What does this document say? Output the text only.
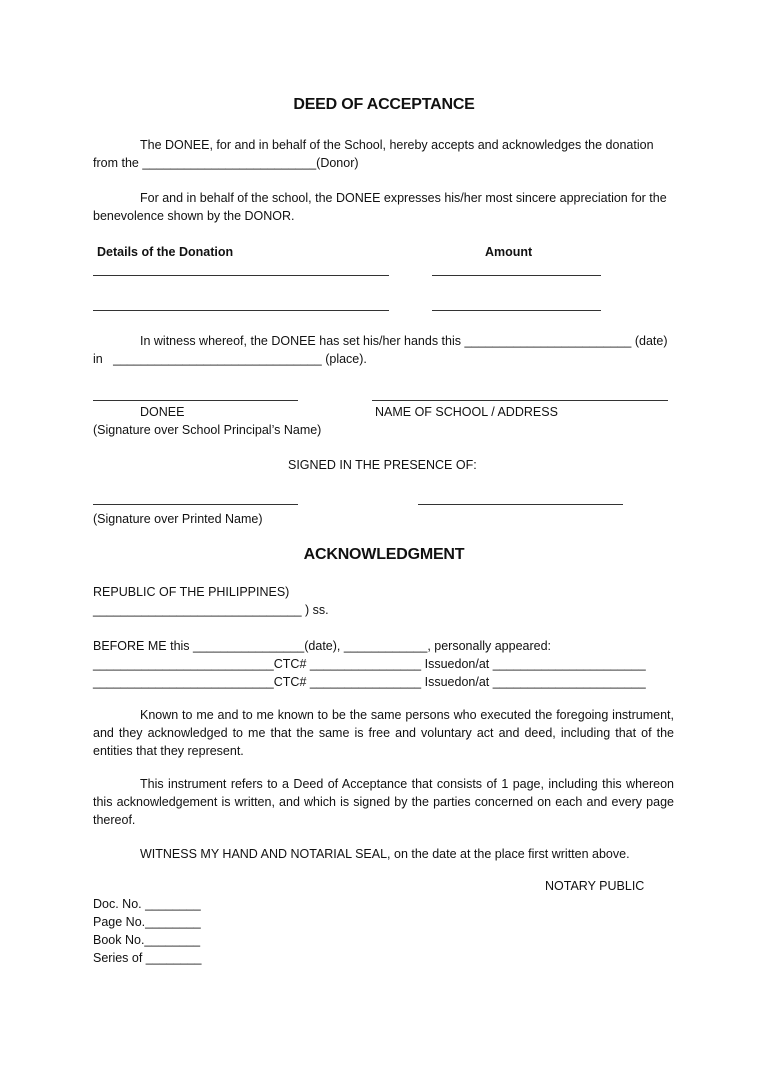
DEED OF ACCEPTANCE
The DONEE, for and in behalf of the School, hereby accepts and acknowledges the donation
from the _________________________(Donor)
For and in behalf of the school, the DONEE expresses his/her most sincere appreciation for the benevolence shown by the DONOR.
Details of the Donation	Amount
In witness whereof, the DONEE has set his/her hands this ________________________ (date)
in ______________________________ (place).
DONEE	NAME OF SCHOOL / ADDRESS
(Signature over School Principal’s Name)
SIGNED IN THE PRESENCE OF:
(Signature over Printed Name)
ACKNOWLEDGMENT
REPUBLIC OF THE PHILIPPINES)
______________________________ ) ss.
BEFORE ME this ________________(date), ____________, personally appeared:
__________________________CTC# ________________ Issuedon/at ______________________
__________________________CTC# ________________ Issuedon/at ______________________
Known to me and to me known to be the same persons who executed the foregoing instrument, and they acknowledged to me that the same is free and voluntary act and deed, including that of the entities that they represent.
This instrument refers to a Deed of Acceptance that consists of 1 page, including this whereon this acknowledgement is written, and which is signed by the parties concerned on each and every page thereof.
WITNESS MY HAND AND NOTARIAL SEAL, on the date at the place first written above.
NOTARY PUBLIC
Doc. No. ________
Page No.________
Book No.________
Series of ________
